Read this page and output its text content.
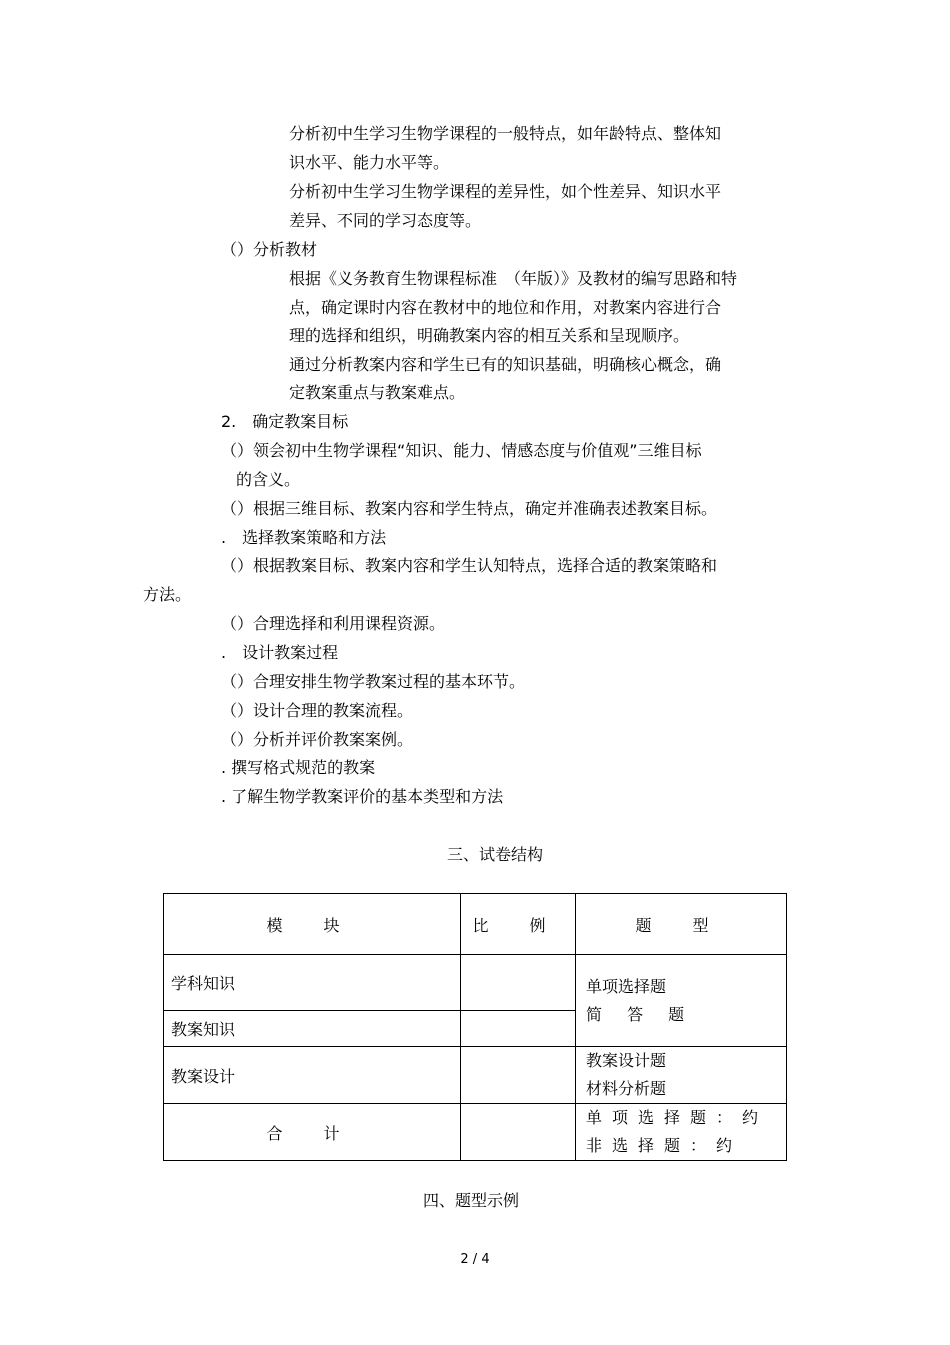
分析初中生学习生物学课程的一般特点，如年龄特点、整体知
识水平、能力水平等。
分析初中生学习生物学课程的差异性，如个性差异、知识水平
差异、不同的学习态度等。
（）分析教材
根据《义务教育生物课程标准　（年版）》及教材的编写思路和特
点，确定课时内容在教材中的地位和作用，对教案内容进行合
理的选择和组织，明确教案内容的相互关系和呈现顺序。
通过分析教案内容和学生已有的知识基础，明确核心概念，确
定教案重点与教案难点。
2.　确定教案目标
（）领会初中生物学课程“知识、能力、情感态度与价值观”三维目标
的含义。
（）根据三维目标、教案内容和学生特点，确定并准确表述教案目标。
.　选择教案策略和方法
（）根据教案目标、教案内容和学生认知特点，选择合适的教案策略和
方法。
（）合理选择和利用课程资源。
.　设计教案过程
（）合理安排生物学教案过程的基本环节。
（）设计合理的教案流程。
（）分析并评价教案案例。
. 撰写格式规范的教案
. 了解生物学教案评价的基本类型和方法
三、试卷结构
模 块	比 例	题 型
学科知识		单项选择题
简 答 题

教案知识		
教案设计		教案设计题
材料分析题

合 计		单项选择题：约
非选择题：约
四、题型示例
2 / 4
